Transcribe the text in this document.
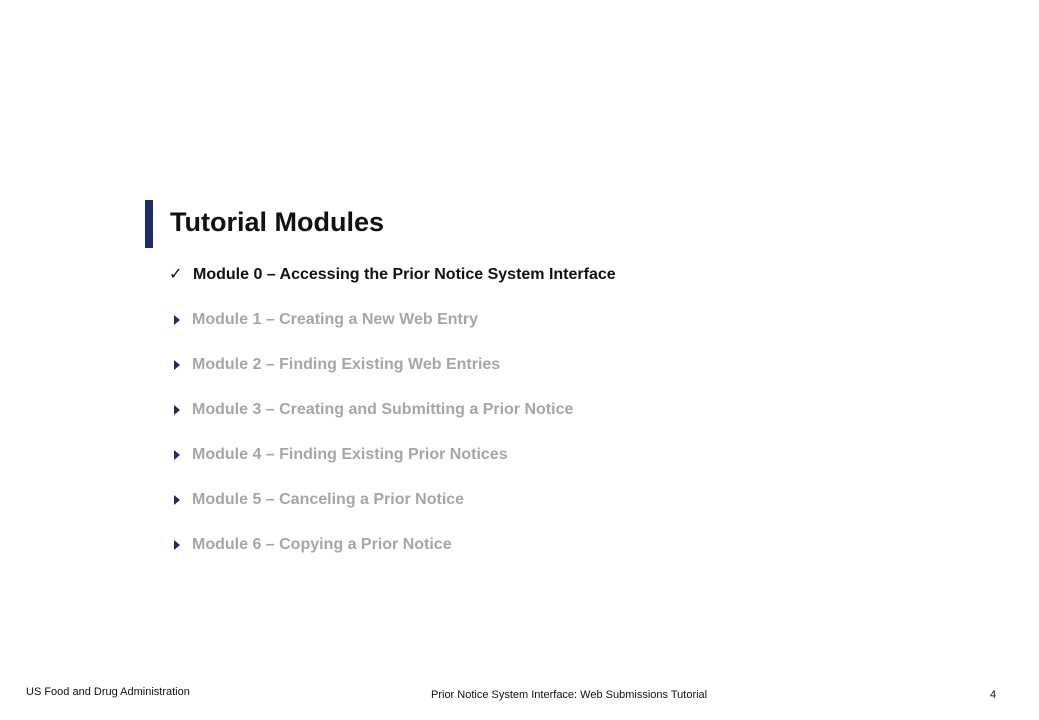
Tutorial Modules
✓ Module 0 – Accessing the Prior Notice System Interface
Module 1 – Creating a New Web Entry
Module 2 – Finding Existing Web Entries
Module 3 – Creating and Submitting a Prior Notice
Module 4 – Finding Existing Prior Notices
Module 5 – Canceling a Prior Notice
Module 6 – Copying a Prior Notice
US Food and Drug Administration	Prior Notice System Interface: Web Submissions Tutorial	4
